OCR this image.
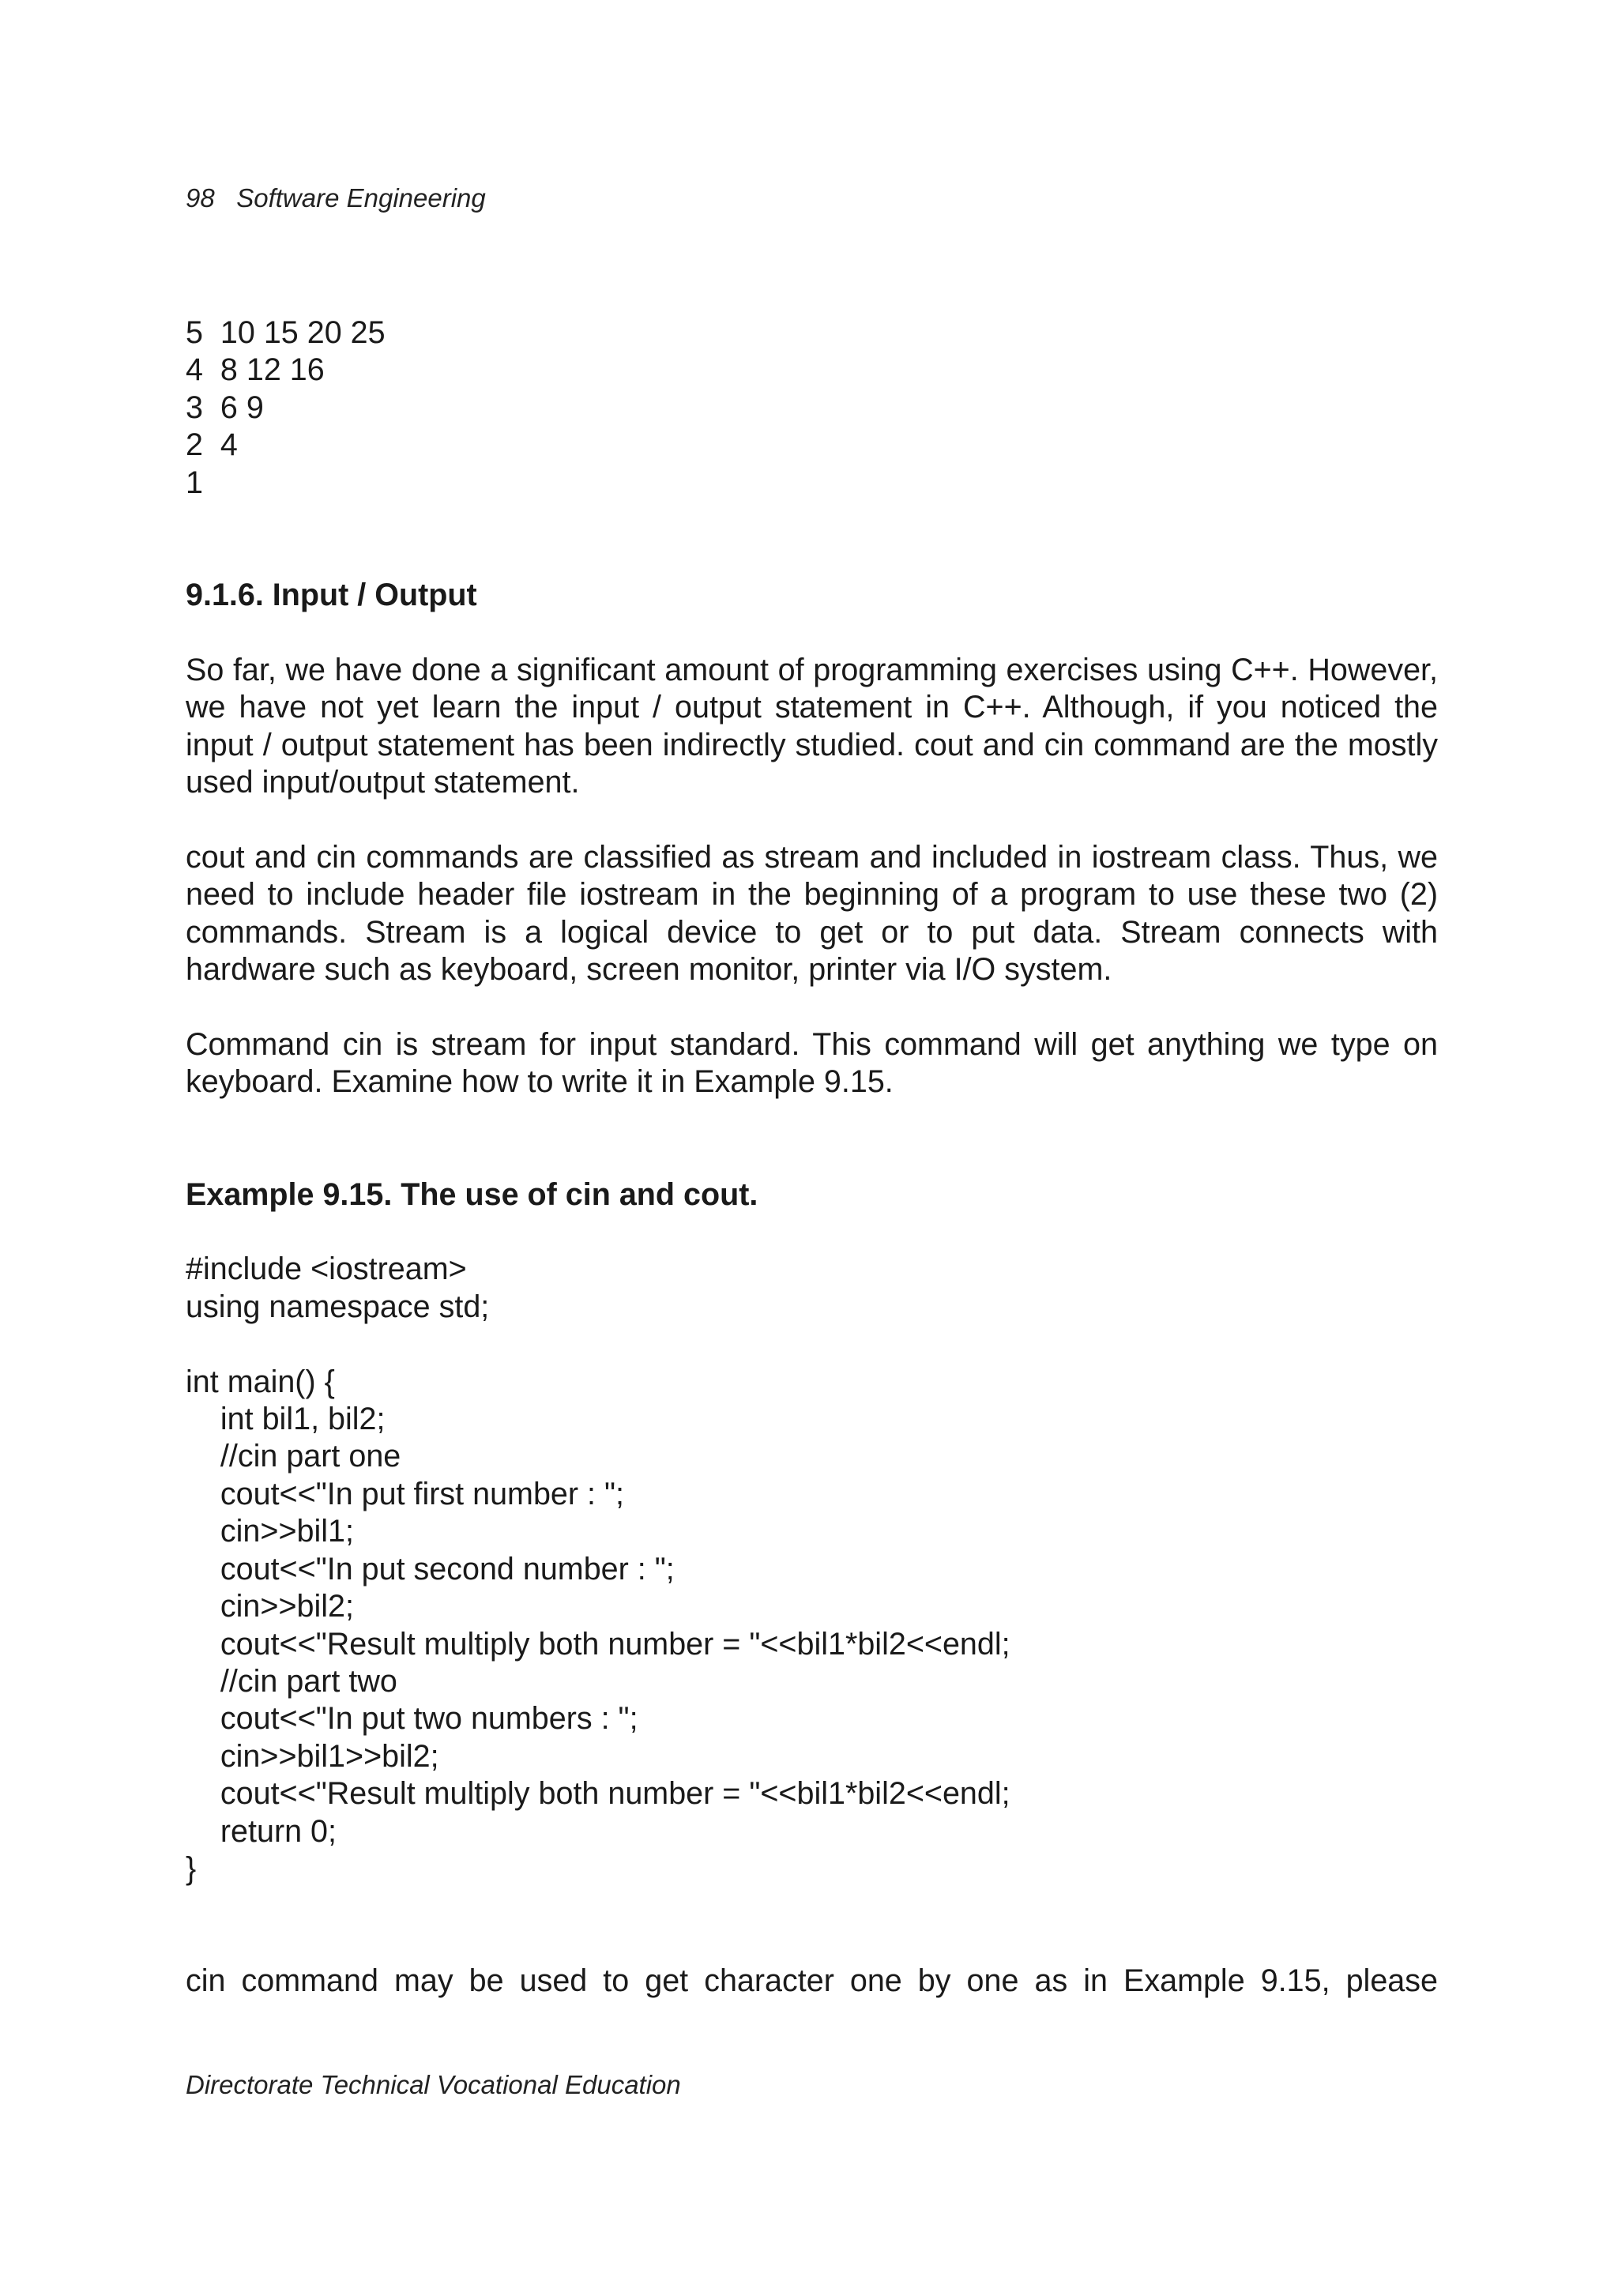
98 Software Engineering
5  10 15 20 25
4  8 12 16
3  6 9
2  4
1
9.1.6. Input / Output

So far, we have done a significant amount of programming exercises using C++. However, we have not yet learn the input / output statement in C++. Although, if you noticed the input / output statement has been indirectly studied. cout and cin command are the mostly used input/output statement.

cout and cin commands are classified as stream and included in iostream class. Thus, we need to include header file iostream in the beginning of a program to use these two (2) commands. Stream is a logical device to get or to put data. Stream connects with hardware such as keyboard, screen monitor, printer via I/O system.

Command cin is stream for input standard. This command will get anything we type on keyboard. Examine how to write it in Example 9.15.

Example 9.15. The use of cin and cout.
#include <iostream>
using namespace std;
int main() {
int bil1, bil2;
//cin part one
cout<<"In put first number : ";
cin>>bil1;
cout<<"In put second number : ";
cin>>bil2;
cout<<"Result multiply both number = "<<bil1*bil2<<endl;
//cin part two
cout<<"In put two numbers : ";
cin>>bil1>>bil2;
cout<<"Result multiply both number = "<<bil1*bil2<<endl;
return 0;
}

cin command may be used to get character one by one as in Example 9.15, please

Directorate Technical Vocational Education
